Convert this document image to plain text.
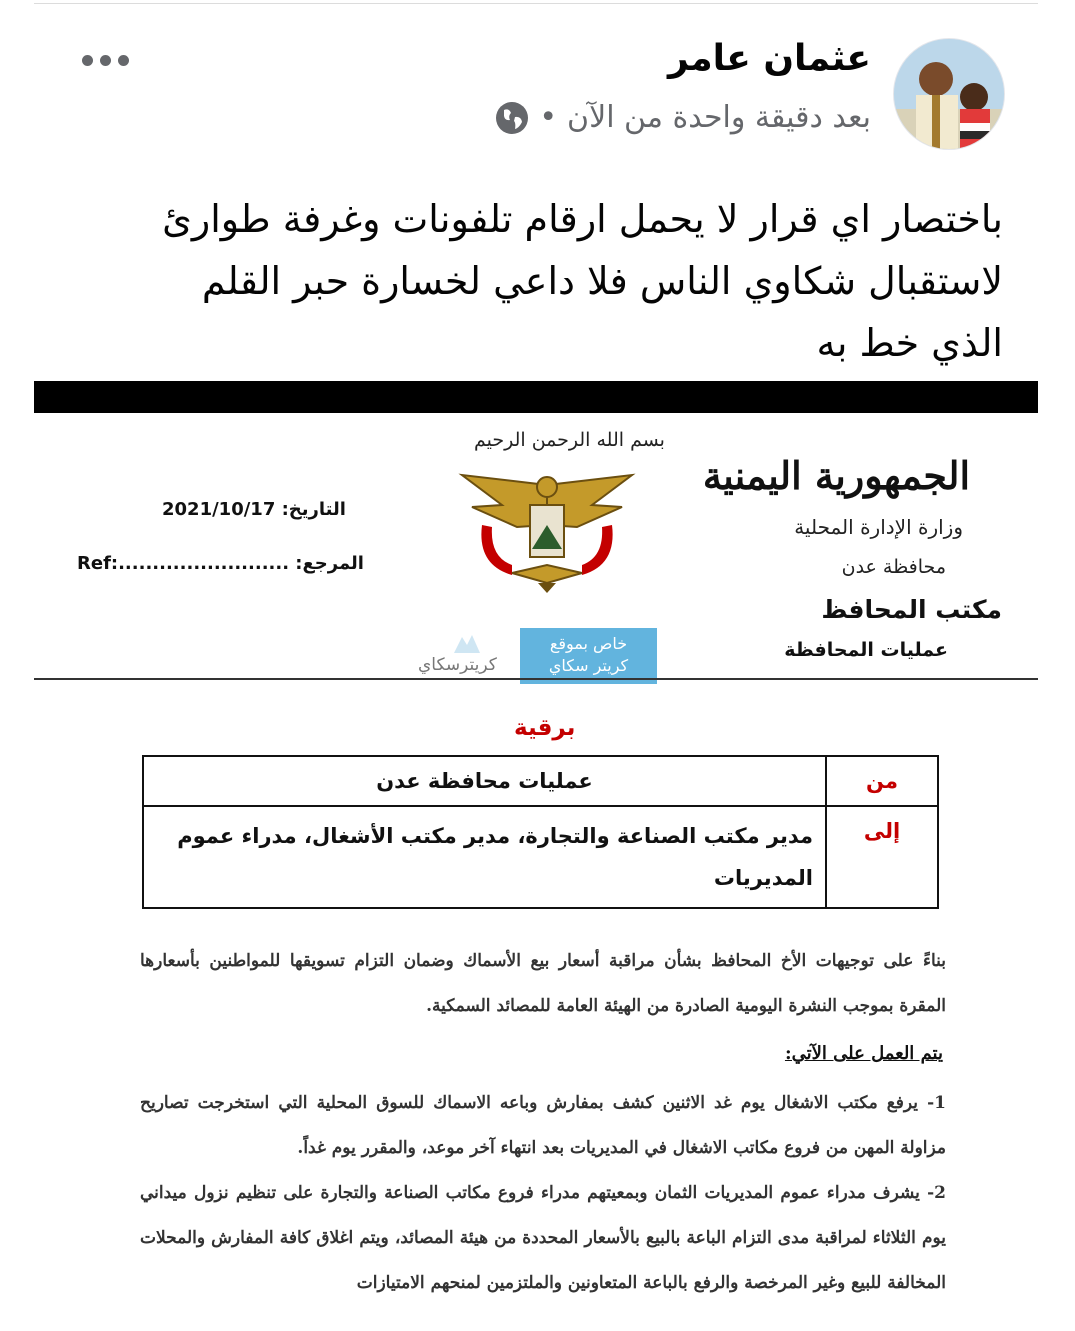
عثمان عامر
بعد دقيقة واحدة من الآن
•
باختصار اي قرار لا يحمل ارقام تلفونات وغرفة طوارئ لاستقبال شكاوي الناس فلا داعي لخسارة حبر القلم الذي خط به
بسم الله الرحمن الرحيم
الجمهورية اليمنية
وزارة الإدارة المحلية
محافظة عدن
مكتب المحافظ
عمليات المحافظة
التاريخ: 2021/10/17
Ref:......................... :المرجع
كريترسكاي
خاص بموقع
كريتر سكاي
برقية
من	عمليات محافظة عدن
إلى	مدير مكتب الصناعة والتجارة، مدير مكتب الأشغال، مدراء عموم المديريات
بناءً على توجيهات الأخ المحافظ بشأن مراقبة أسعار بيع الأسماك وضمان التزام تسويقها للمواطنين بأسعارها المقرة بموجب النشرة اليومية الصادرة من الهيئة العامة للمصائد السمكية.
يتم العمل على الآتي:
1- يرفع مكتب الاشغال يوم غد الاثنين كشف بمفارش وباعه الاسماك للسوق المحلية التي استخرجت تصاريح مزاولة المهن من فروع مكاتب الاشغال في المديريات بعد انتهاء آخر موعد، والمقرر يوم غداً.
2- يشرف مدراء عموم المديريات الثمان وبمعيتهم مدراء فروع مكاتب الصناعة والتجارة على تنظيم نزول ميداني يوم الثلاثاء لمراقبة مدى التزام الباعة بالبيع بالأسعار المحددة من هيئة المصائد، ويتم اغلاق كافة المفارش والمحلات المخالفة للبيع وغير المرخصة والرفع بالباعة المتعاونين والملتزمين لمنحهم الامتيازات
